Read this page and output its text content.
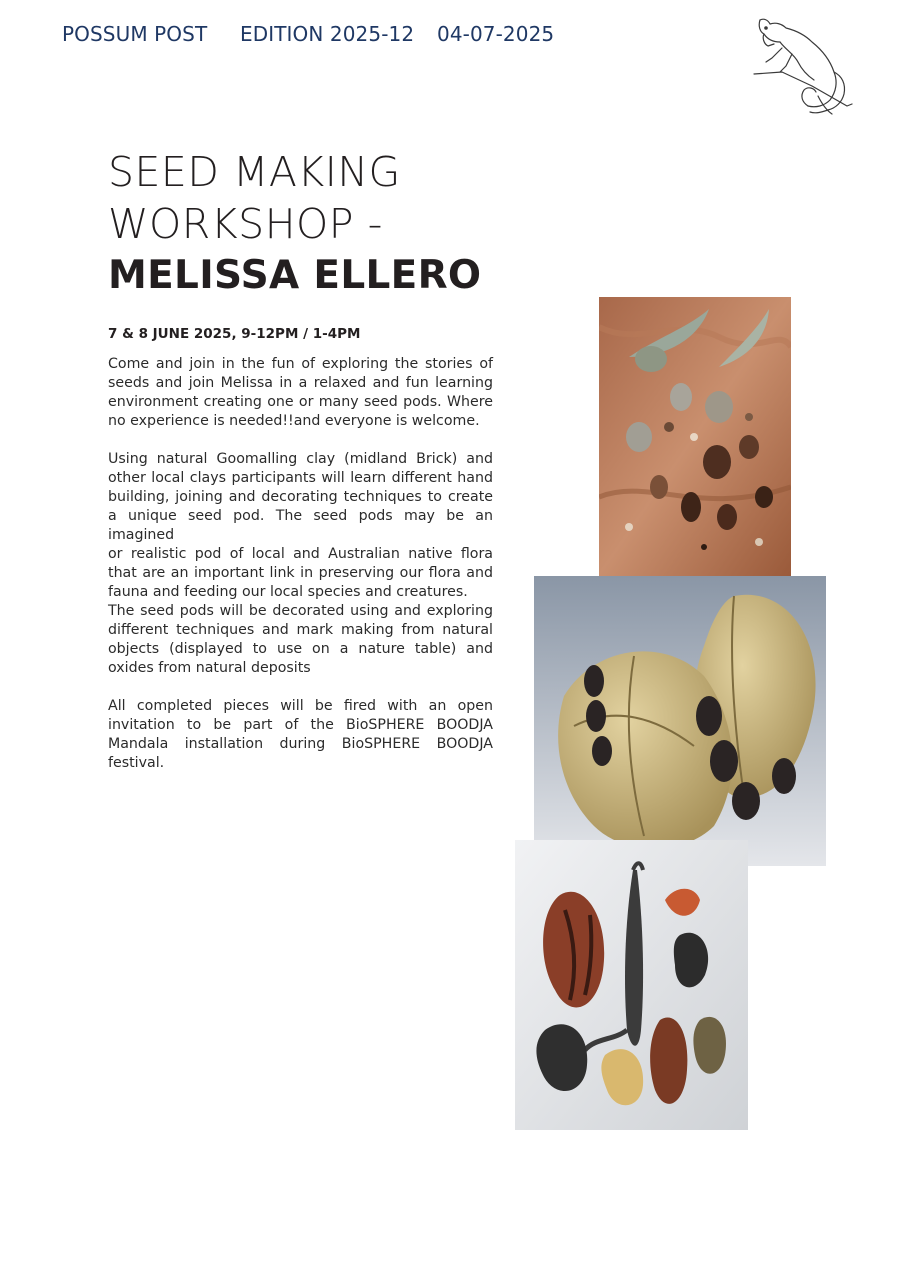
POSSUM POST EDITION 2025-12 04-07-2025
SEED MAKING
WORKSHOP -
MELISSA ELLERO
7 & 8 JUNE 2025, 9-12PM / 1-4PM

Come and join in the fun of exploring the stories of seeds and join Melissa in a relaxed and fun learning environment creating one or many seed pods. Where no experience is needed!!and everyone is welcome.

Using natural Goomalling clay (midland Brick) and other local clays participants will learn different hand building, joining and decorating techniques to create a unique seed pod. The seed pods may be an imagined

or realistic pod of local and Australian native flora that are an important link in preserving our flora and fauna and feeding our local species and creatures.

The seed pods will be decorated using and exploring different techniques and mark making from natural objects (displayed to use on a nature table) and oxides from natural deposits

All completed pieces will be fired with an open invitation to be part of the BioSPHERE BOODJA Mandala installation during BioSPHERE BOODJA festival.
